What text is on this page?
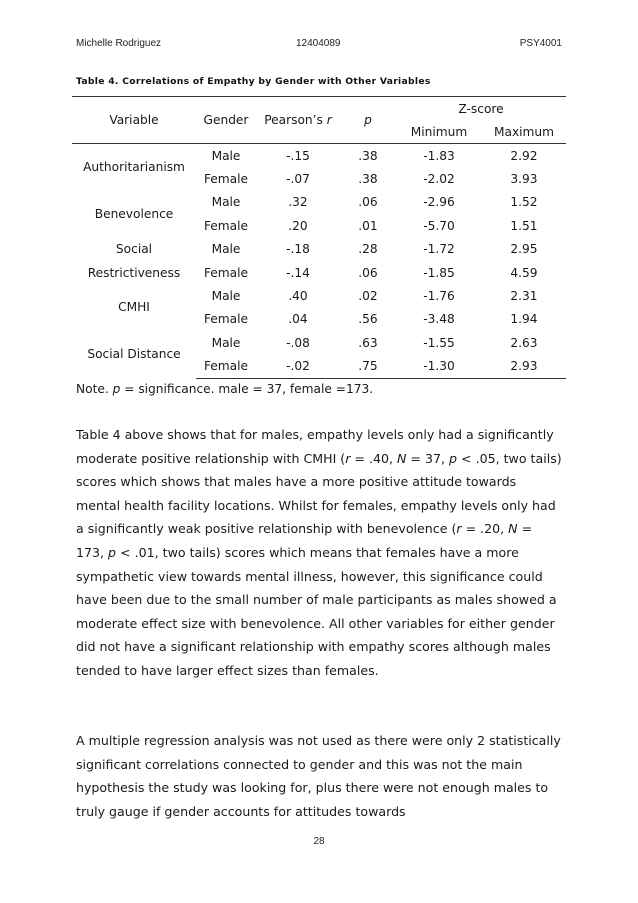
Michelle Rodriguez	12404089	PSY4001
Table 4. Correlations of Empathy by Gender with Other Variables
Variable	Gender	Pearson’s r	p	Z-score	
				Minimum	Maximum
Authoritarianism	Male	-.15	.38	-1.83	2.92
	Female	-.07	.38	-2.02	3.93
Benevolence	Male	.32	.06	-2.96	1.52
	Female	.20	.01	-5.70	1.51
Social	Male	-.18	.28	-1.72	2.95
Restrictiveness	Female	-.14	.06	-1.85	4.59
CMHI	Male	.40	.02	-1.76	2.31
	Female	.04	.56	-3.48	1.94
Social Distance	Male	-.08	.63	-1.55	2.63
	Female	-.02	.75	-1.30	2.93
Note. p = significance. male = 37, female =173.

Table 4 above shows that for males, empathy levels only had a significantly moderate positive relationship with CMHI (r = .40, N = 37, p < .05, two tails) scores which shows that males have a more positive attitude towards mental health facility locations. Whilst for females, empathy levels only had a significantly weak positive relationship with benevolence (r = .20, N = 173, p < .01, two tails) scores which means that females have a more sympathetic view towards mental illness, however, this significance could have been due to the small number of male participants as males showed a moderate effect size with benevolence. All other variables for either gender did not have a significant relationship with empathy scores although males tended to have larger effect sizes than females.

A multiple regression analysis was not used as there were only 2 statistically significant correlations connected to gender and this was not the main hypothesis the study was looking for, plus there were not enough males to truly gauge if gender accounts for attitudes towards

28
